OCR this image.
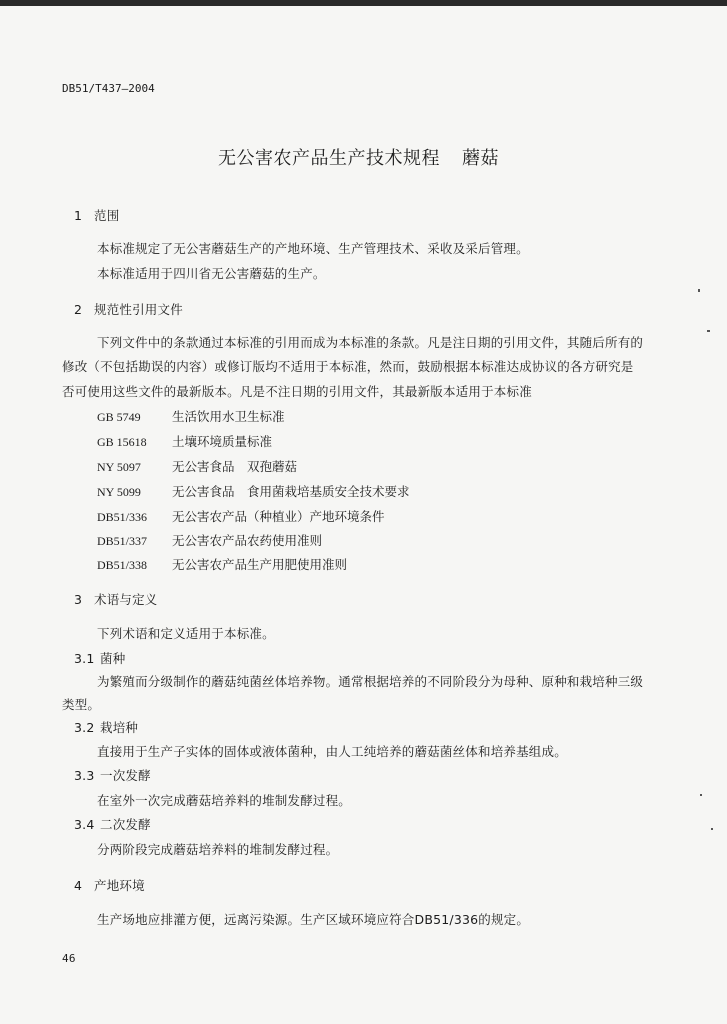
DB51/T437—2004
无公害农产品生产技术规程 蘑菇
1 范围
本标准规定了无公害蘑菇生产的产地环境、生产管理技术、采收及采后管理。
本标准适用于四川省无公害蘑菇的生产。
2 规范性引用文件
下列文件中的条款通过本标准的引用而成为本标准的条款。凡是注日期的引用文件，其随后所有的
修改（不包括勘误的内容）或修订版均不适用于本标准，然而，鼓励根据本标准达成协议的各方研究是
否可使用这些文件的最新版本。凡是不注日期的引用文件，其最新版本适用于本标准
GB 5749	生活饮用水卫生标准
GB 15618 土壤环境质量标准
NY 5097 无公害食品　双孢蘑菇
NY 5099 无公害食品　食用菌栽培基质安全技术要求
DB51/336 无公害农产品（种植业）产地环境条件
DB51/337 无公害农产品农药使用准则
DB51/338 无公害农产品生产用肥使用准则
3 术语与定义
下列术语和定义适用于本标准。
3.1 菌种
为繁殖而分级制作的蘑菇纯菌丝体培养物。通常根据培养的不同阶段分为母种、原种和栽培种三级
类型。
3.2 栽培种
直接用于生产子实体的固体或液体菌种，由人工纯培养的蘑菇菌丝体和培养基组成。
3.3 一次发酵
在室外一次完成蘑菇培养料的堆制发酵过程。
3.4 二次发酵
分两阶段完成蘑菇培养料的堆制发酵过程。
4 产地环境
生产场地应排灌方便，远离污染源。生产区域环境应符合DB51/336的规定。
46
